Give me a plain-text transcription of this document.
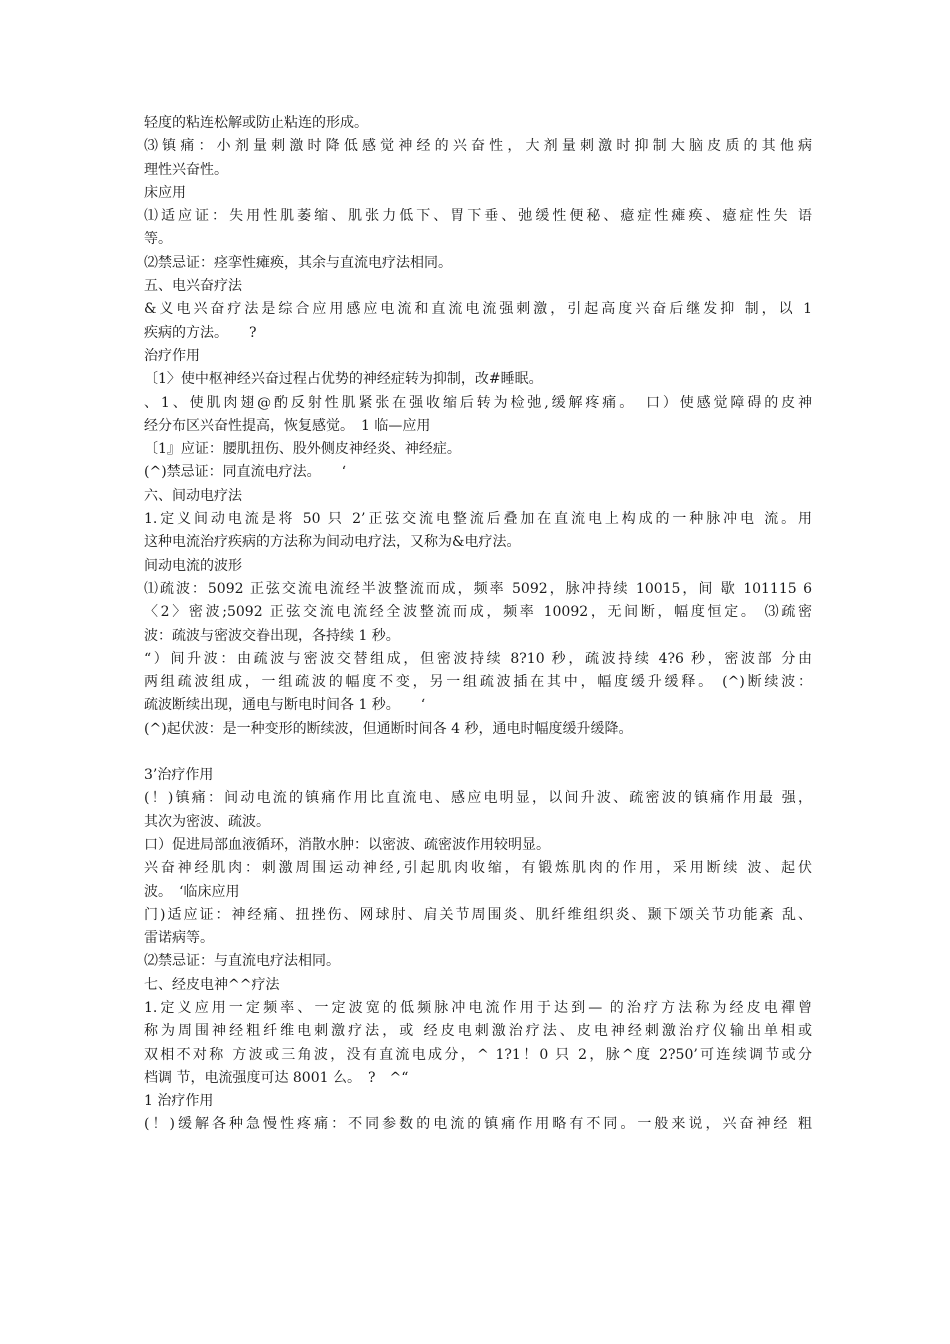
轻度的粘连松解或防止粘连的形成。
⑶镇痛：小剂量刺激时降低感觉神经的兴奋性，大剂量刺激时抑制大脑皮质的其他病
理性兴奋性。
床应用
⑴适应证：失用性肌萎缩、肌张力低下、胃下垂、弛缓性便秘、癔症性瘫痪、癔症性失 语
等。
⑵禁忌证：痉挛性瘫痪，其余与直流电疗法相同。
五、电兴奋疗法
&义电兴奋疗法是综合应用感应电流和直流电流强刺激，引起高度兴奋后继发抑 制，以 1
疾病的方法。　　?
治疗作用
〔1〉使中枢神经兴奋过程占优势的神经症转为抑制，改#睡眠。
、1、使肌肉翅@酌反射性肌紧张在强收缩后转为检弛,缓解疼痛。　口）使感觉障碍的皮神
经分布区兴奋性提高，恢复感觉。　1 临—应用
〔1』应证：腰肌扭伤、股外侧皮神经炎、神经症。
(^)禁忌证：同直流电疗法。　　‘
六、间动电疗法
1.定义间动电流是将 50 只 2’正弦交流电整流后叠加在直流电上构成的一种脉冲电 流。用
这种电流治疗疾病的方法称为间动电疗法，又称为&电疗法。
间动电流的波形
⑴疏波：5092 正弦交流电流经半波整流而成，频率 5092，脉冲持续 10015，间 歇 101115 6
〈2〉密波;5092 正弦交流电流经全波整流而成，频率 10092，无间断，幅度恒定。 ⑶疏密
波：疏波与密波交眷出现，各持续 1 秒。
“）间升波：由疏波与密波交替组成，但密波持续 8?10 秒，疏波持续 4?6 秒，密波部 分由
两组疏波组成，一组疏波的幅度不变，另一组疏波插在其中，幅度缓升缓释。 (^)断续波：
疏波断续出现，通电与断电时间各 1 秒。　　‘
(^)起伏波：是一种变形的断续波，但通断时间各 4 秒，通电时幅度缓升缓降。
3’治疗作用
(！)镇痛：间动电流的镇痛作用比直流电、感应电明显，以间升波、疏密波的镇痛作用最 强，
其次为密波、疏波。
口）促进局部血液循环，消散水肿：以密波、疏密波作用较明显。
兴奋神经肌肉：刺激周围运动神经,引起肌肉收缩，有锻炼肌肉的作用，采用断续 波、起伏
波。　‘临床应用
门)适应证：神经痛、扭挫伤、网球肘、肩关节周围炎、肌纤维组织炎、颞下颂关节功能紊 乱、
雷诺病等。
⑵禁忌证：与直流电疗法相同。
七、经皮电神^^疗法
1.定义应用一定频率、一定波宽的低频脉冲电流作用于达到— 的治疗方法称为经皮电禪曾
称为周围神经粗纤维电刺激疗法，或 经皮电刺激治疗法、皮电神经刺激治疗仪输出单相或
双相不对称 方波或三角波，没有直流电成分，^ 1?1！0 只 2，脉^度 2?50’可连续调节或分
档调 节，电流强度可达 8001 么。　?　^“
1 治疗作用
(！)缓解各种急慢性疼痛：不同参数的电流的镇痛作用略有不同。一般来说，兴奋神经 粗
